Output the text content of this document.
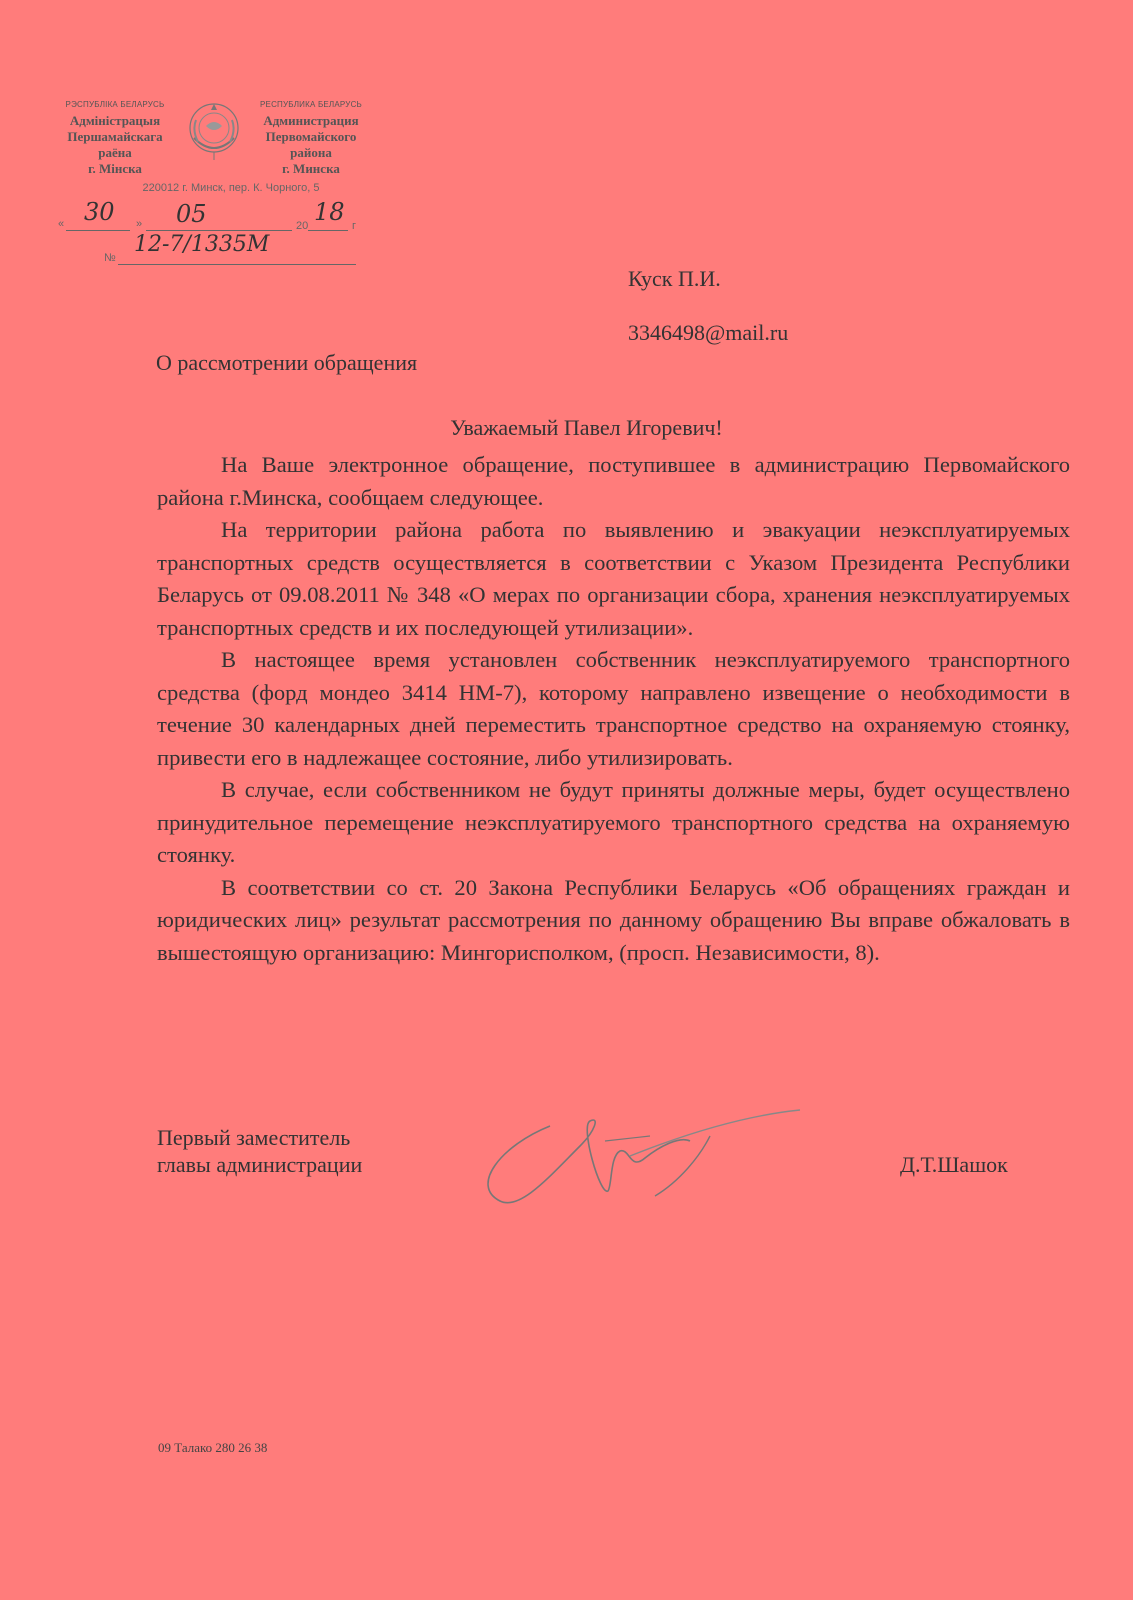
РЭСПУБЛІКА БЕЛАРУСЬ
Адміністрацыя
Першамайскага
раёна
г. Мінска
РЕСПУБЛИКА БЕЛАРУСЬ
Администрация
Первомайского
района
г. Минска
220012 г. Минск, пер. К. Чорного, 5
« 30 » 05	20 18 г
№
12-7/1335М
Куск П.И.
3346498@mail.ru
О рассмотрении обращения
Уважаемый Павел Игоревич!

На Ваше электронное обращение, поступившее в администрацию Первомайского района г.Минска, сообщаем следующее.

На территории района работа по выявлению и эвакуации неэксплуатируемых транспортных средств осуществляется в соответствии с Указом Президента Республики Беларусь от 09.08.2011 № 348 «О мерах по организации сбора, хранения неэксплуатируемых транспортных средств и их последующей утилизации».

В настоящее время установлен собственник неэксплуатируемого транспортного средства (форд мондео 3414 НМ-7), которому направлено извещение о необходимости в течение 30 календарных дней переместить транспортное средство на охраняемую стоянку, привести его в надлежащее состояние, либо утилизировать.

В случае, если собственником не будут приняты должные меры, будет осуществлено принудительное перемещение неэксплуатируемого транспортного средства на охраняемую стоянку.

В соответствии со ст. 20 Закона Республики Беларусь «Об обращениях граждан и юридических лиц» результат рассмотрения по данному обращению Вы вправе обжаловать в вышестоящую организацию: Мингорисполком, (просп. Независимости, 8).

Первый заместитель
главы администрации	Д.Т.Шашок
09 Талако 280 26 38
